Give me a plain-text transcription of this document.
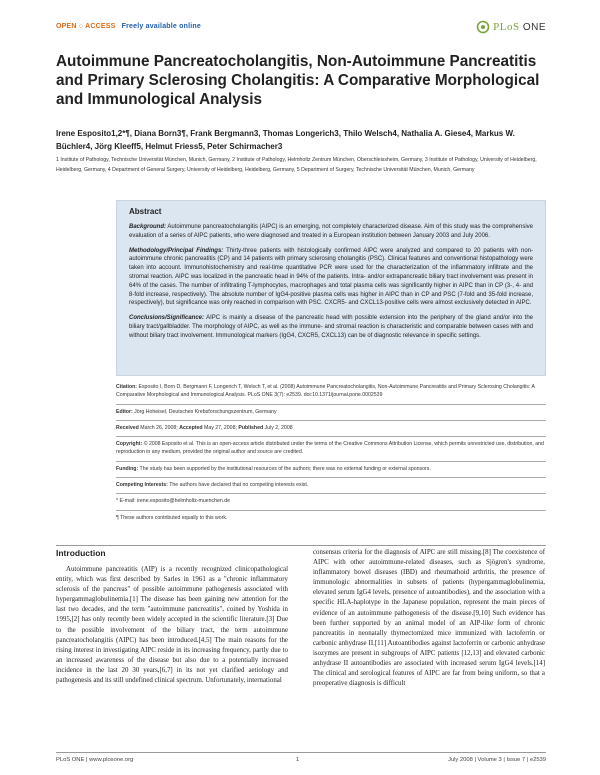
OPEN ○ ACCESS Freely available online	PLoS ONE
Autoimmune Pancreatocholangitis, Non-Autoimmune Pancreatitis and Primary Sclerosing Cholangitis: A Comparative Morphological and Immunological Analysis
Irene Esposito1,2*¶, Diana Born3¶, Frank Bergmann3, Thomas Longerich3, Thilo Welsch4, Nathalia A. Giese4, Markus W. Büchler4, Jörg Kleeff5, Helmut Friess5, Peter Schirmacher3
1 Institute of Pathology, Technische Universität München, Munich, Germany, 2 Institute of Pathology, Helmholtz Zentrum München, Oberschleissheim, Germany, 3 Institute of Pathology, University of Heidelberg, Heidelberg, Germany, 4 Department of General Surgery, University of Heidelberg, Heidelberg, Germany, 5 Department of Surgery, Technische Universität München, Munich, Germany
Abstract

Background: Autoimmune pancreatocholangitis (AIPC) is an emerging, not completely characterized disease. Aim of this study was the comprehensive evaluation of a series of AIPC patients, who were diagnosed and treated in a European institution between January 2003 and July 2006.

Methodology/Principal Findings: Thirty-three patients with histologically confirmed AIPC were analyzed and compared to 20 patients with non-autoimmune chronic pancreatitis (CP) and 14 patients with primary sclerosing cholangitis (PSC). Clinical features and conventional histopathology were taken into account. Immunohistochemistry and real-time quantitative PCR were used for the characterization of the inflammatory infiltrate and the stromal reaction. AIPC was localized in the pancreatic head in 94% of the patients. Intra- and/or extrapancreatic biliary tract involvement was present in 64% of the cases. The number of infiltrating T-lymphocytes, macrophages and total plasma cells was significantly higher in AIPC than in CP (3-, 4- and 8-fold increase, respectively). The absolute number of IgG4-positive plasma cells was higher in AIPC than in CP and PSC (7-fold and 35-fold increase, respectively), but significance was only reached in comparison with PSC. CXCR5- and CXCL13-positive cells were almost exclusively detected in AIPC.

Conclusions/Significance: AIPC is mainly a disease of the pancreatic head with possible extension into the periphery of the gland and/or into the biliary tract/gallbladder. The morphology of AIPC, as well as the immune- and stromal reaction is characteristic and comparable between cases with and without biliary tract involvement. Immunological markers (IgG4, CXCR5, CXCL13) can be of diagnostic relevance in specific settings.

Citation: Esposito I, Born D, Bergmann F, Longerich T, Welsch T, et al. (2008) Autoimmune Pancreatocholangitis, Non-Autoimmune Pancreatitis and Primary Sclerosing Cholangitis: A Comparative Morphological and Immunological Analysis. PLoS ONE 3(7): e2539. doi:10.1371/journal.pone.0002539

Editor: Jörg Hoheisel, Deutsches Krebsforschungszentrum, Germany

Received March 26, 2008; Accepted May 27, 2008; Published July 2, 2008

Copyright: © 2008 Esposito et al. This is an open-access article distributed under the terms of the Creative Commons Attribution License, which permits unrestricted use, distribution, and reproduction in any medium, provided the original author and source are credited.

Funding: The study has been supported by the institutional resources of the authors; there was no external funding or external sponsors.

Competing Interests: The authors have declared that no competing interests exist.

* E-mail: irene.esposito@helmholtz-muenchen.de

¶ These authors contributed equally to this work.

Introduction

Autoimmune pancreatitis (AIP) is a recently recognized clinicopathological entity, which was first described by Sarles in 1961 as a "chronic inflammatory sclerosis of the pancreas" of possible autoimmune pathogenesis associated with hypergammaglobulinemia.[1] The disease has been gaining new attention for the last two decades, and the term "autoimmune pancreatitis", coined by Yoshida in 1995,[2] has only recently been widely accepted in the scientific literature.[3] Due to the possible involvement of the biliary tract, the term autoimmune pancreatocholangitis (AIPC) has been introduced.[4,5] The main reasons for the rising interest in investigating AIPC reside in its increasing frequency, partly due to an increased awareness of the disease but also due to a potentially increased incidence in the last 20 30 years,[6,7] in its not yet clarified aetiology and pathogenesis and its still undefined clinical spectrum. Unfortunately, international

consensus criteria for the diagnosis of AIPC are still missing.[8] The coexistence of AIPC with other autoimmune-related diseases, such as Sjögren's syndrome, inflammatory bowel diseases (IBD) and rheumathoid arthritis, the presence of immunologic abnormalities in subsets of patients (hypergammaglobulinemia, elevated serum IgG4 levels, presence of autoantibodies), and the association with a specific HLA-haplotype in the Japanese population, represent the main pieces of evidence of an autoimmune pathogenesis of the disease.[9,10] Such evidence has been further supported by an animal model of an AIP-like form of chronic pancreatitis in neonatally thymectomized mice immunized with lactoferrin or carbonic anhydrase II.[11] Autoantibodies against lactoferrin or carbonic anhydrase isozymes are present in subgroups of AIPC patients [12,13] and elevated carbonic anhydrase II autoantibodies are associated with increased serum IgG4 levels.[14] The clinical and serological features of AIPC are far from being uniform, so that a preoperative diagnosis is difficult

PLoS ONE | www.plosone.org	1	July 2008 | Volume 3 | Issue 7 | e2539
